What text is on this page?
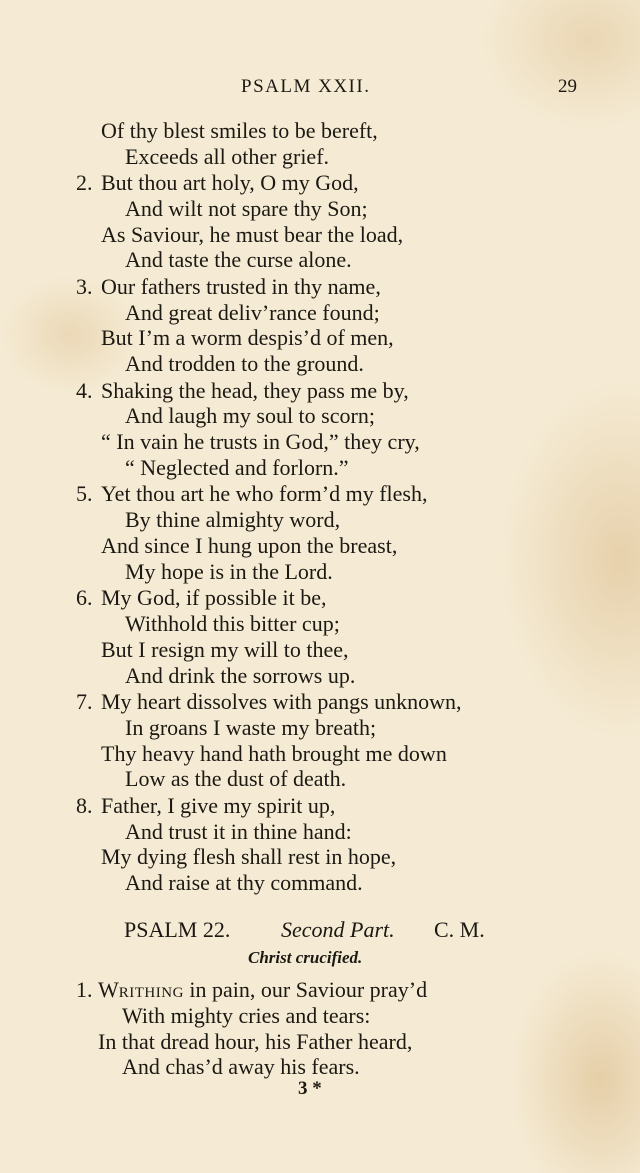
PSALM XXII.	29
Of thy blest smiles to be bereft,
Exceeds all other grief.
2. But thou art holy, O my God,
And wilt not spare thy Son;
As Saviour, he must bear the load,
And taste the curse alone.
3. Our fathers trusted in thy name,
And great deliv’rance found;
But I’m a worm despis’d of men,
And trodden to the ground.
4. Shaking the head, they pass me by,
And laugh my soul to scorn;
“ In vain he trusts in God,” they cry,
“ Neglected and forlorn.”
5. Yet thou art he who form’d my flesh,
By thine almighty word,
And since I hung upon the breast,
My hope is in the Lord.
6. My God, if possible it be,
Withhold this bitter cup;
But I resign my will to thee,
And drink the sorrows up.
7. My heart dissolves with pangs unknown,
In groans I waste my breath;
Thy heavy hand hath brought me down
Low as the dust of death.
8. Father, I give my spirit up,
And trust it in thine hand:
My dying flesh shall rest in hope,
And raise at thy command.
PSALM 22. Second Part. C. M.
Christ crucified.
1. WRITHING in pain, our Saviour pray’d
With mighty cries and tears:
In that dread hour, his Father heard,
And chas’d away his fears.
3 *
